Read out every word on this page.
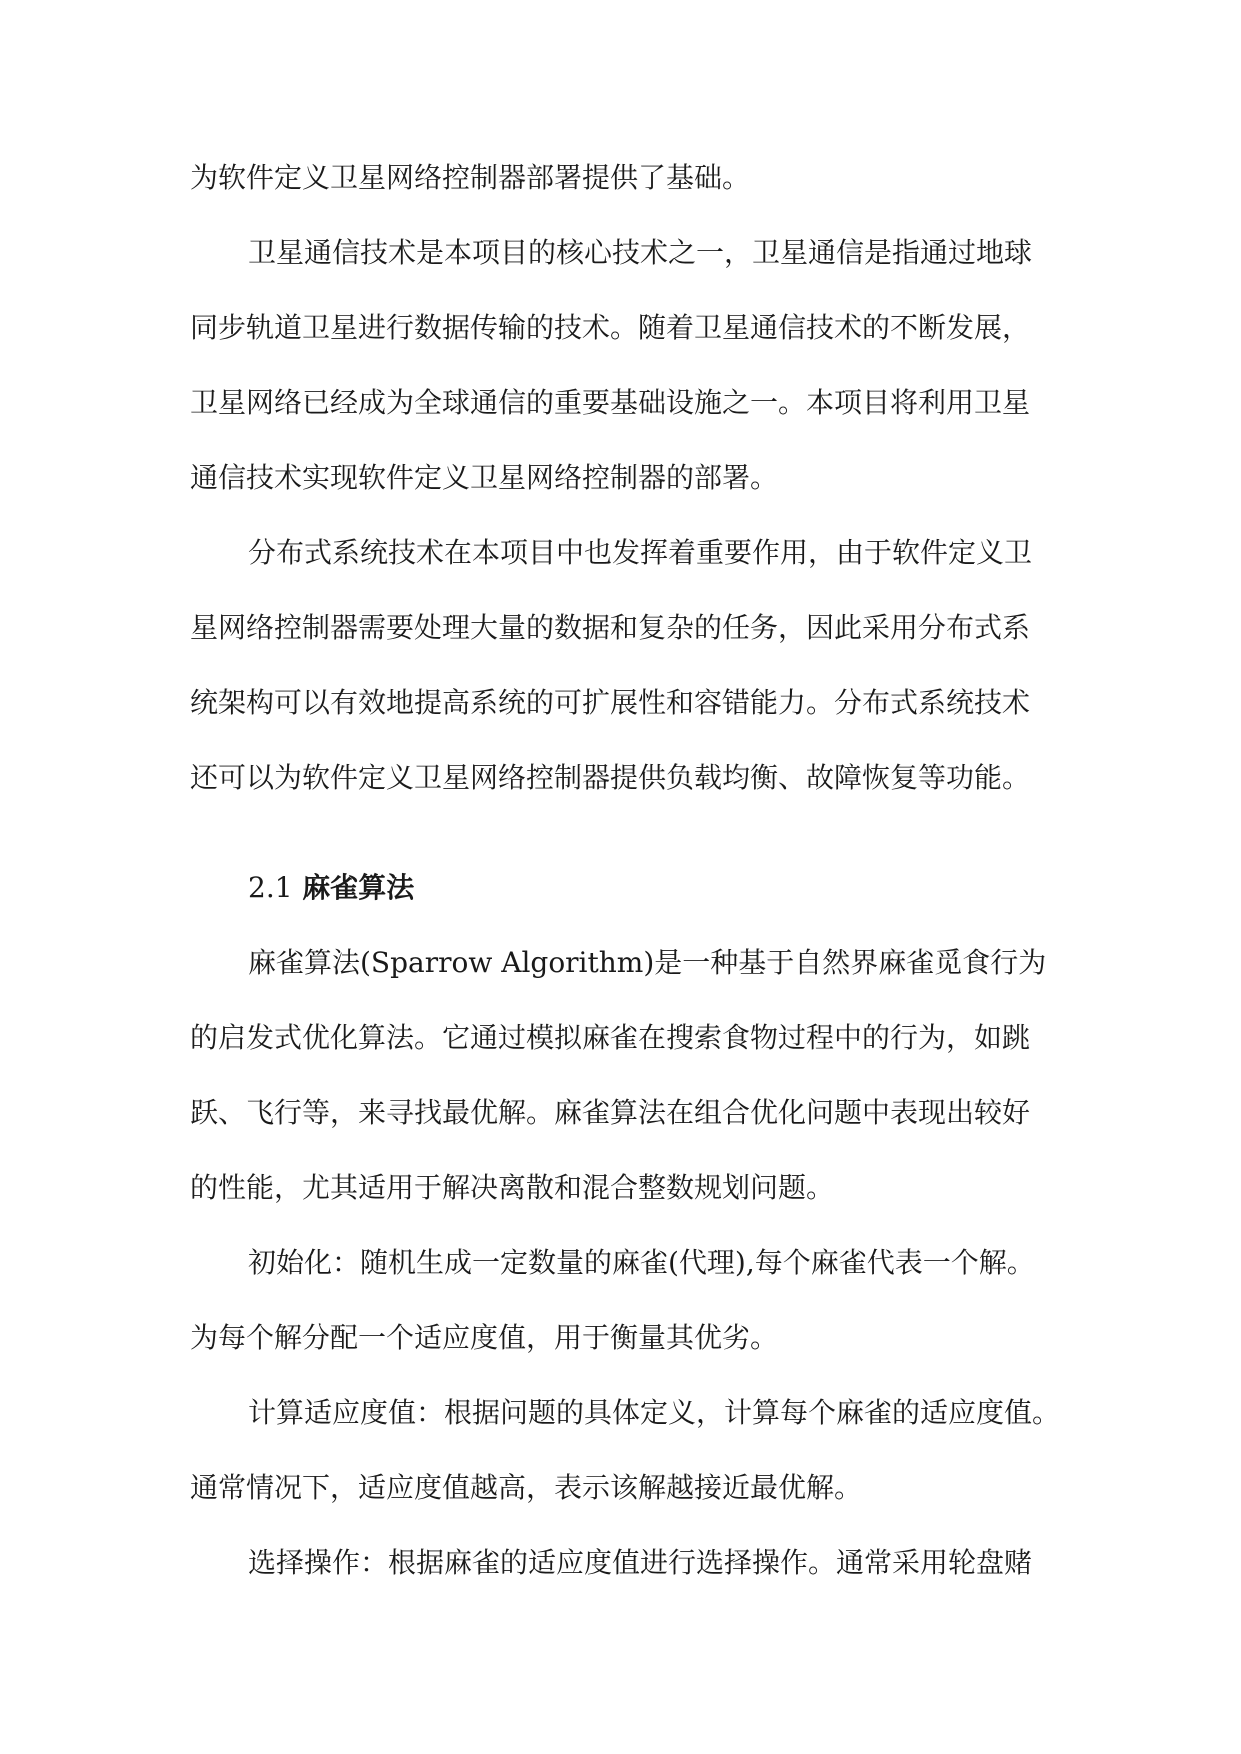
为软件定义卫星网络控制器部署提供了基础。

卫星通信技术是本项目的核心技术之一，卫星通信是指通过地球
同步轨道卫星进行数据传输的技术。随着卫星通信技术的不断发展，
卫星网络已经成为全球通信的重要基础设施之一。本项目将利用卫星
通信技术实现软件定义卫星网络控制器的部署。

分布式系统技术在本项目中也发挥着重要作用，由于软件定义卫
星网络控制器需要处理大量的数据和复杂的任务，因此采用分布式系
统架构可以有效地提高系统的可扩展性和容错能力。分布式系统技术
还可以为软件定义卫星网络控制器提供负载均衡、故障恢复等功能。

2.1 麻雀算法

麻雀算法(Sparrow Algorithm)是一种基于自然界麻雀觅食行为
的启发式优化算法。它通过模拟麻雀在搜索食物过程中的行为，如跳
跃、飞行等，来寻找最优解。麻雀算法在组合优化问题中表现出较好
的性能，尤其适用于解决离散和混合整数规划问题。

初始化：随机生成一定数量的麻雀(代理),每个麻雀代表一个解。
为每个解分配一个适应度值，用于衡量其优劣。

计算适应度值：根据问题的具体定义，计算每个麻雀的适应度值。
通常情况下，适应度值越高，表示该解越接近最优解。

选择操作：根据麻雀的适应度值进行选择操作。通常采用轮盘赌
